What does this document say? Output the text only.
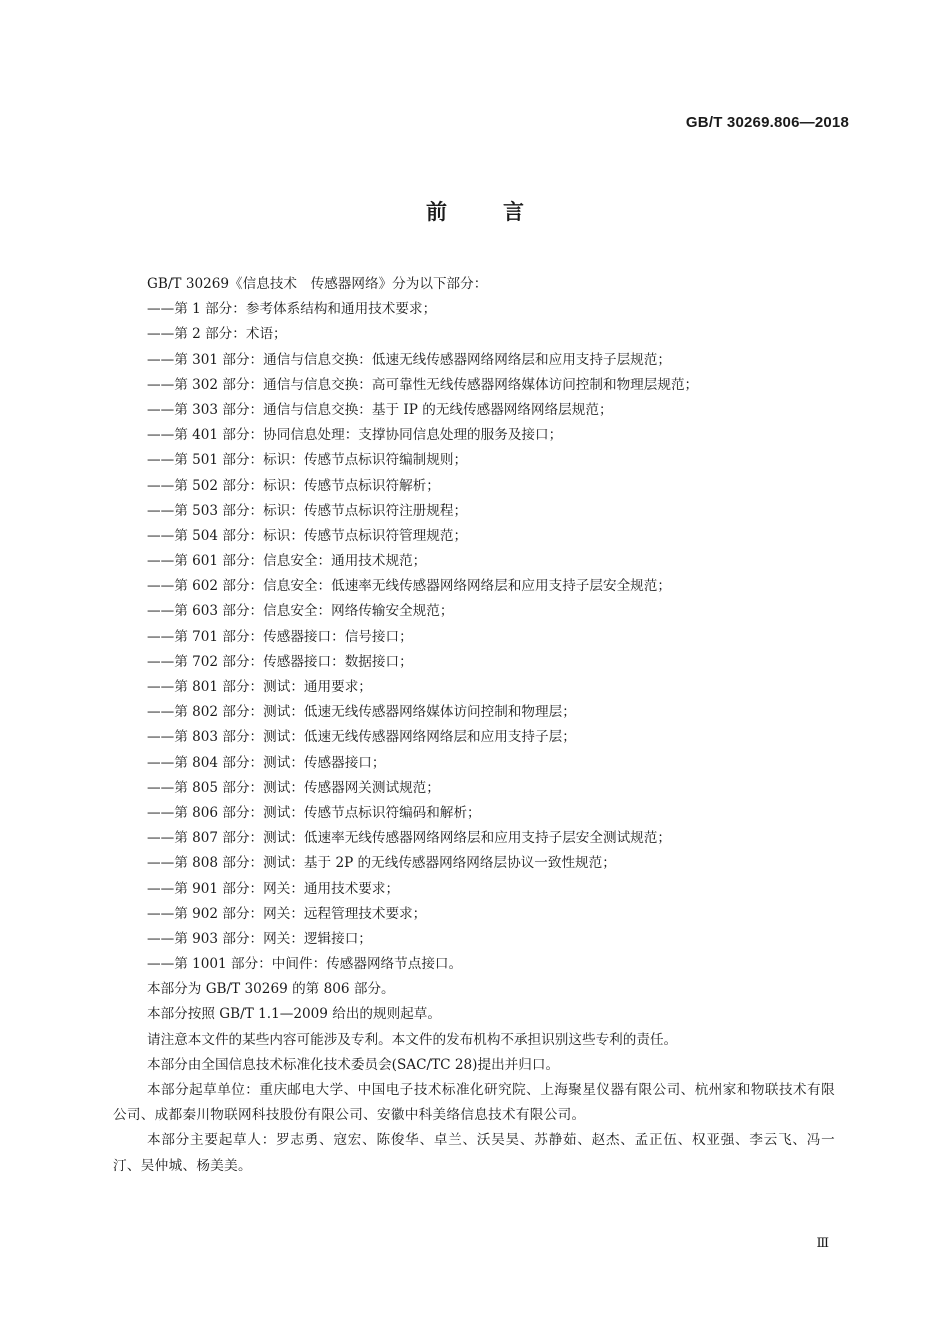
GB/T 30269.806—2018
前言
GB/T 30269《信息技术　传感器网络》分为以下部分：
——第 1 部分：参考体系结构和通用技术要求；
——第 2 部分：术语；
——第 301 部分：通信与信息交换：低速无线传感器网络网络层和应用支持子层规范；
——第 302 部分：通信与信息交换：高可靠性无线传感器网络媒体访问控制和物理层规范；
——第 303 部分：通信与信息交换：基于 IP 的无线传感器网络网络层规范；
——第 401 部分：协同信息处理：支撑协同信息处理的服务及接口；
——第 501 部分：标识：传感节点标识符编制规则；
——第 502 部分：标识：传感节点标识符解析；
——第 503 部分：标识：传感节点标识符注册规程；
——第 504 部分：标识：传感节点标识符管理规范；
——第 601 部分：信息安全：通用技术规范；
——第 602 部分：信息安全：低速率无线传感器网络网络层和应用支持子层安全规范；
——第 603 部分：信息安全：网络传输安全规范；
——第 701 部分：传感器接口：信号接口；
——第 702 部分：传感器接口：数据接口；
——第 801 部分：测试：通用要求；
——第 802 部分：测试：低速无线传感器网络媒体访问控制和物理层；
——第 803 部分：测试：低速无线传感器网络网络层和应用支持子层；
——第 804 部分：测试：传感器接口；
——第 805 部分：测试：传感器网关测试规范；
——第 806 部分：测试：传感节点标识符编码和解析；
——第 807 部分：测试：低速率无线传感器网络网络层和应用支持子层安全测试规范；
——第 808 部分：测试：基于 2P 的无线传感器网络网络层协议一致性规范；
——第 901 部分：网关：通用技术要求；
——第 902 部分：网关：远程管理技术要求；
——第 903 部分：网关：逻辑接口；
——第 1001 部分：中间件：传感器网络节点接口。
本部分为 GB/T 30269 的第 806 部分。
本部分按照 GB/T 1.1—2009 给出的规则起草。
请注意本文件的某些内容可能涉及专利。本文件的发布机构不承担识别这些专利的责任。
本部分由全国信息技术标准化技术委员会(SAC/TC 28)提出并归口。
本部分起草单位：重庆邮电大学、中国电子技术标准化研究院、上海聚星仪器有限公司、杭州家和物联技术有限公司、成都秦川物联网科技股份有限公司、安徽中科美络信息技术有限公司。
本部分主要起草人：罗志勇、寇宏、陈俊华、卓兰、沃吴昊、苏静茹、赵杰、孟正伍、权亚强、李云飞、冯一汀、吴仲城、杨美美。
Ⅲ
